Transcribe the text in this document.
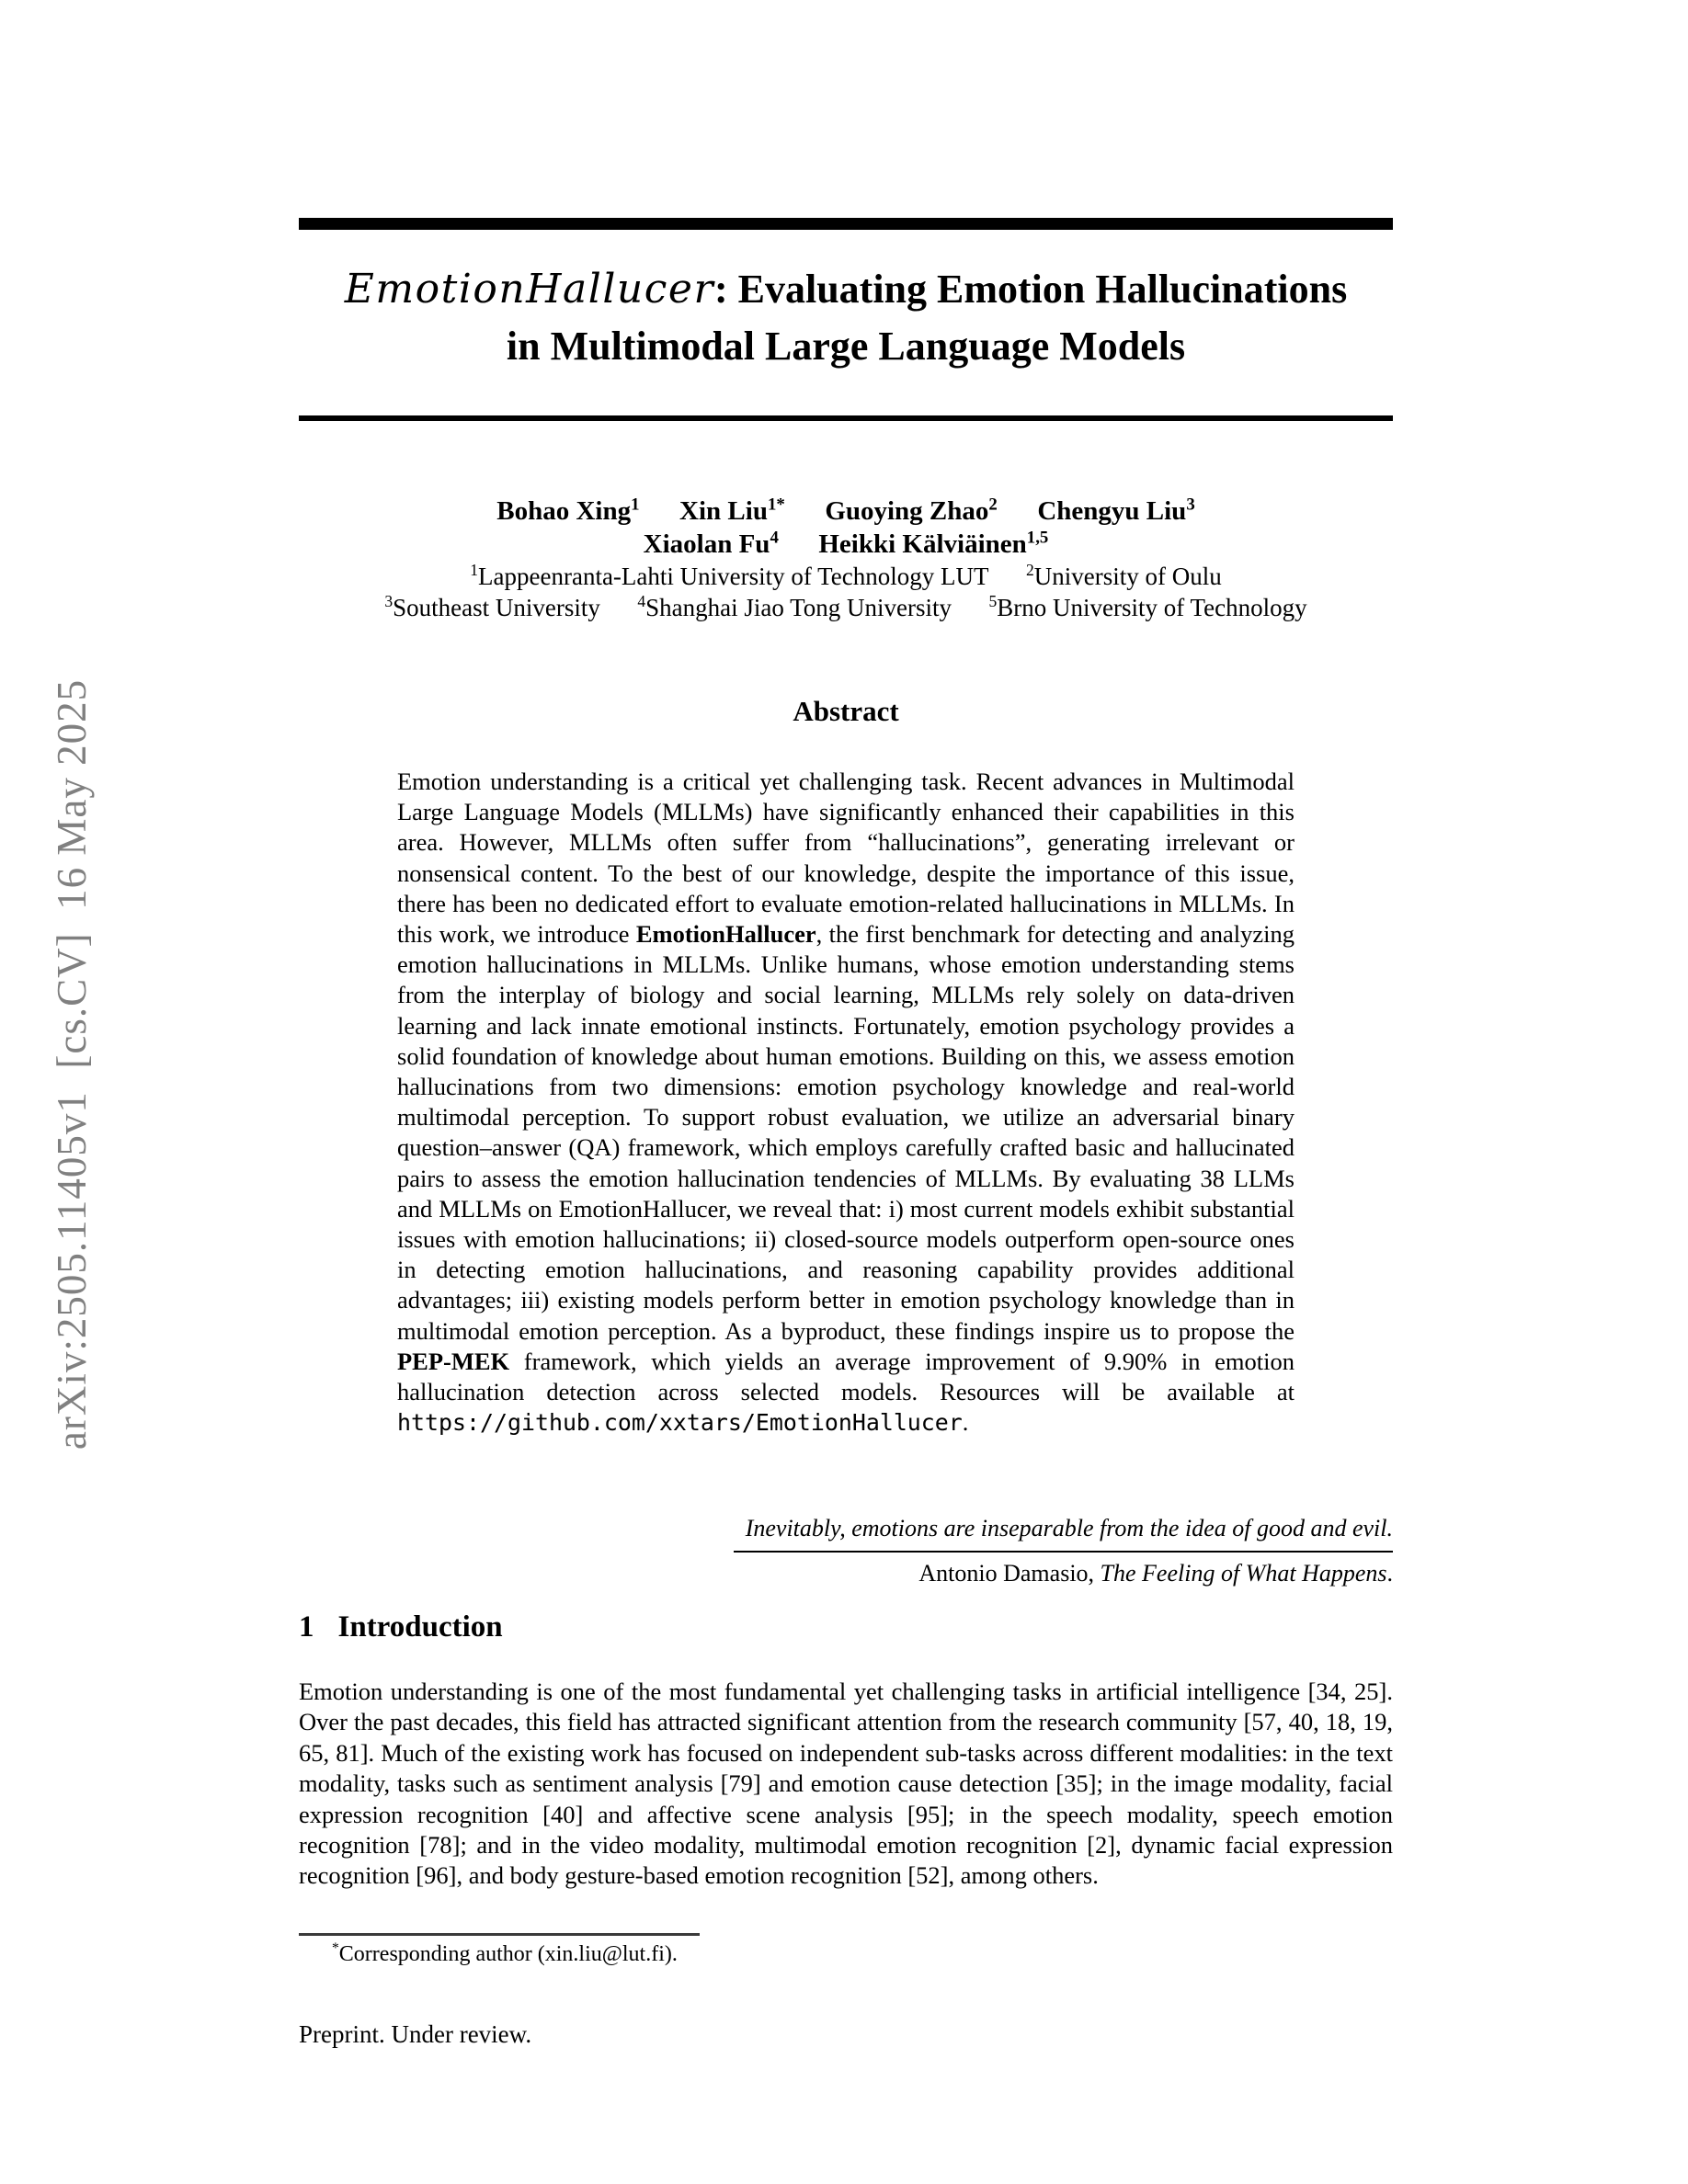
arXiv:2505.11405v1  [cs.CV]  16 May 2025
EmotionHallucer: Evaluating Emotion Hallucinations
in Multimodal Large Language Models
Bohao Xing$^1$   Xin Liu$^{1*}$   Guoying Zhao$^2$   Chengyu Liu$^3$
Xiaolan Fu$^4$   Heikki Kälviäinen$^{1,5}$
$^1$Lappeenranta-Lahti University of Technology LUT   $^2$University of Oulu
$^3$Southeast University   $^4$Shanghai Jiao Tong University   $^5$Brno University of Technology
Abstract
Emotion understanding is a critical yet challenging task. Recent advances in Multimodal Large Language Models (MLLMs) have significantly enhanced their capabilities in this area. However, MLLMs often suffer from “hallucinations”, generating irrelevant or nonsensical content. To the best of our knowledge, despite the importance of this issue, there has been no dedicated effort to evaluate emotion-related hallucinations in MLLMs. In this work, we introduce EmotionHallucer, the first benchmark for detecting and analyzing emotion hallucinations in MLLMs. Unlike humans, whose emotion understanding stems from the interplay of biology and social learning, MLLMs rely solely on data-driven learning and lack innate emotional instincts. Fortunately, emotion psychology provides a solid foundation of knowledge about human emotions. Building on this, we assess emotion hallucinations from two dimensions: emotion psychology knowledge and real-world multimodal perception. To support robust evaluation, we utilize an adversarial binary question–answer (QA) framework, which employs carefully crafted basic and hallucinated pairs to assess the emotion hallucination tendencies of MLLMs. By evaluating 38 LLMs and MLLMs on EmotionHallucer, we reveal that: i) most current models exhibit substantial issues with emotion hallucinations; ii) closed-source models outperform open-source ones in detecting emotion hallucinations, and reasoning capability provides additional advantages; iii) existing models perform better in emotion psychology knowledge than in multimodal emotion perception. As a byproduct, these findings inspire us to propose the PEP-MEK framework, which yields an average improvement of 9.90% in emotion hallucination detection across selected models. Resources will be available at https://github.com/xxtars/EmotionHallucer.
Inevitably, emotions are inseparable from the idea of good and evil.
Antonio Damasio, The Feeling of What Happens.
1 Introduction
Emotion understanding is one of the most fundamental yet challenging tasks in artificial intelligence [34, 25]. Over the past decades, this field has attracted significant attention from the research community [57, 40, 18, 19, 65, 81]. Much of the existing work has focused on independent sub-tasks across different modalities: in the text modality, tasks such as sentiment analysis [79] and emotion cause detection [35]; in the image modality, facial expression recognition [40] and affective scene analysis [95]; in the speech modality, speech emotion recognition [78]; and in the video modality, multimodal emotion recognition [2], dynamic facial expression recognition [96], and body gesture-based emotion recognition [52], among others.
*Corresponding author (xin.liu@lut.fi).
Preprint. Under review.
